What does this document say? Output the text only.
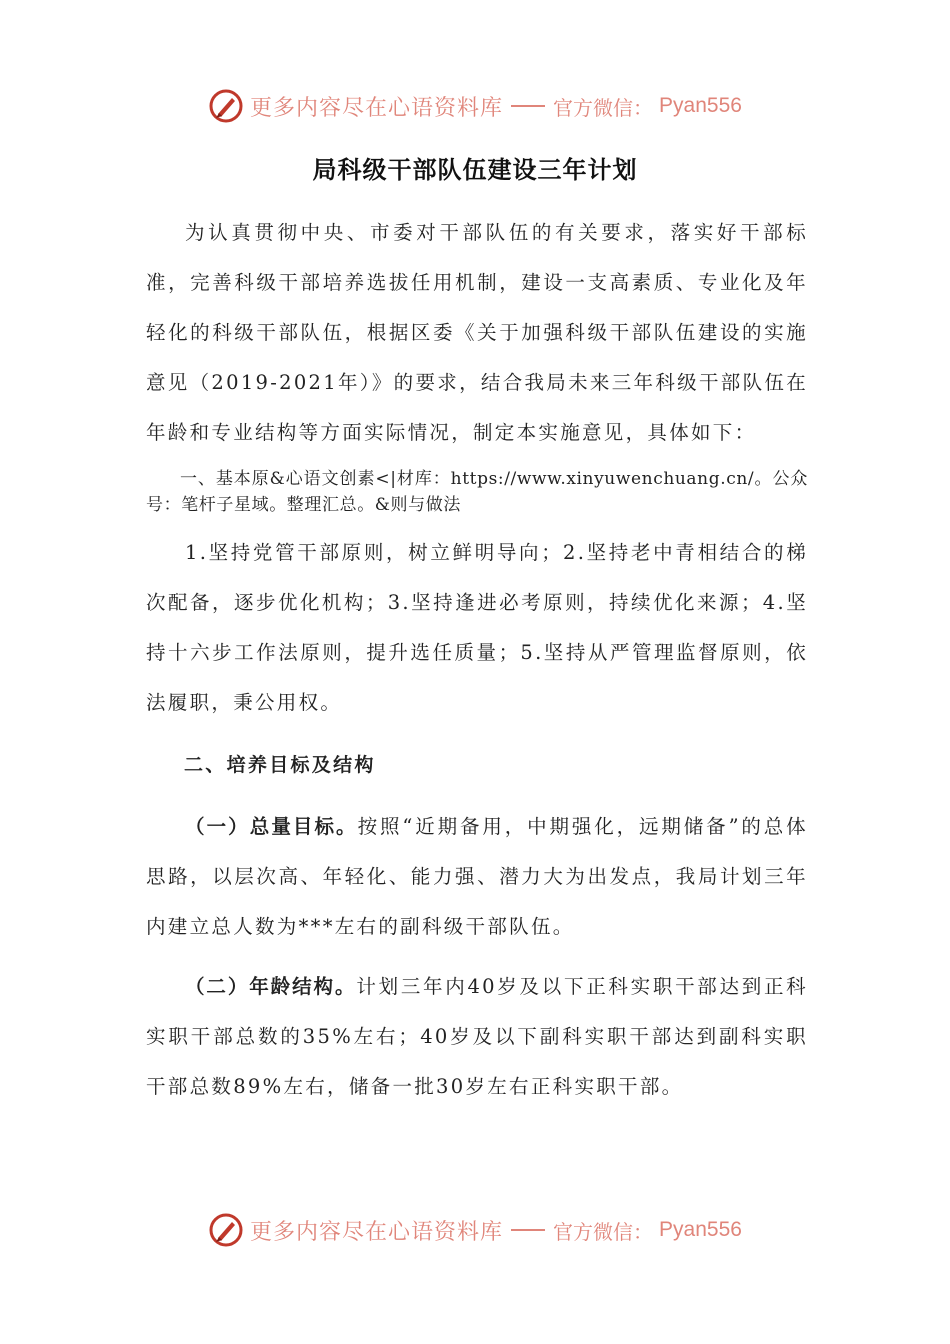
更多内容尽在心语资料库	官方微信： Pyan556
局科级干部队伍建设三年计划

为认真贯彻中央、市委对干部队伍的有关要求，落实好干部标准，完善科级干部培养选拔任用机制，建设一支高素质、专业化及年轻化的科级干部队伍，根据区委《关于加强科级干部队伍建设的实施意见（2019-2021年）》的要求，结合我局未来三年科级干部队伍在年龄和专业结构等方面实际情况，制定本实施意见，具体如下：

一、基本原&心语文创素<|材库：https://www.xinyuwenchuang.cn/。公众号：笔杆子星域。整理汇总。&则与做法

1.坚持党管干部原则，树立鲜明导向；2.坚持老中青相结合的梯次配备，逐步优化机构；3.坚持逢进必考原则，持续优化来源；4.坚持十六步工作法原则，提升选任质量；5.坚持从严管理监督原则，依法履职，秉公用权。

二、培养目标及结构

（一）总量目标。按照“近期备用，中期强化，远期储备”的总体思路，以层次高、年轻化、能力强、潜力大为出发点，我局计划三年内建立总人数为***左右的副科级干部队伍。

（二）年龄结构。计划三年内40岁及以下正科实职干部达到正科实职干部总数的35%左右；40岁及以下副科实职干部达到副科实职干部总数89%左右，储备一批30岁左右正科实职干部。

更多内容尽在心语资料库	官方微信： Pyan556
